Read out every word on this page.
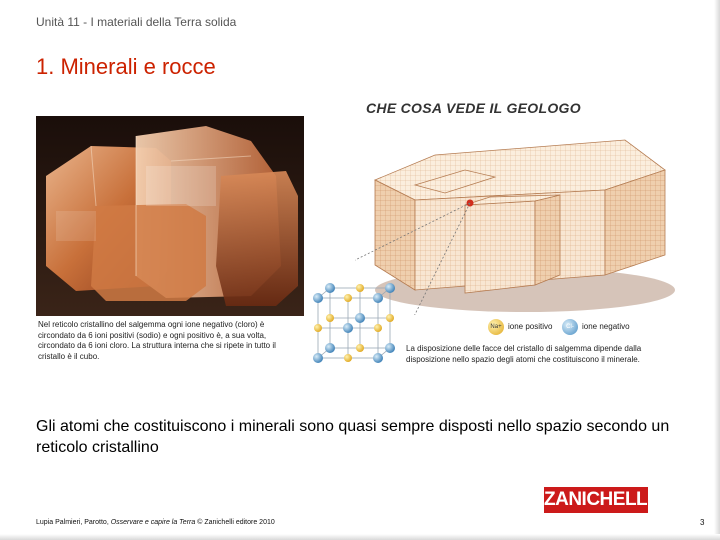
Unità 11 - I materiali della Terra solida
1. Minerali e rocce
CHE COSA VEDE IL GEOLOGO
Nel reticolo cristallino del salgemma ogni ione negativo (cloro) è circondato da 6 ioni positivi (sodio) e ogni positivo è, a sua volta, circondato da 6 ioni cloro. La struttura interna che si ripete in tutto il cristallo è il cubo.
Na+ ione positivo	Cl-	ione negativo
La disposizione delle facce del cristallo di salgemma dipende dalla disposizione nello spazio degli atomi che costituiscono il minerale.
Gli atomi che costituiscono i minerali sono quasi sempre disposti nello spazio secondo un reticolo cristallino
ZANICHELLI
Lupia Palmieri, Parotto, Osservare e capire la Terra © Zanichelli editore 2010	3
